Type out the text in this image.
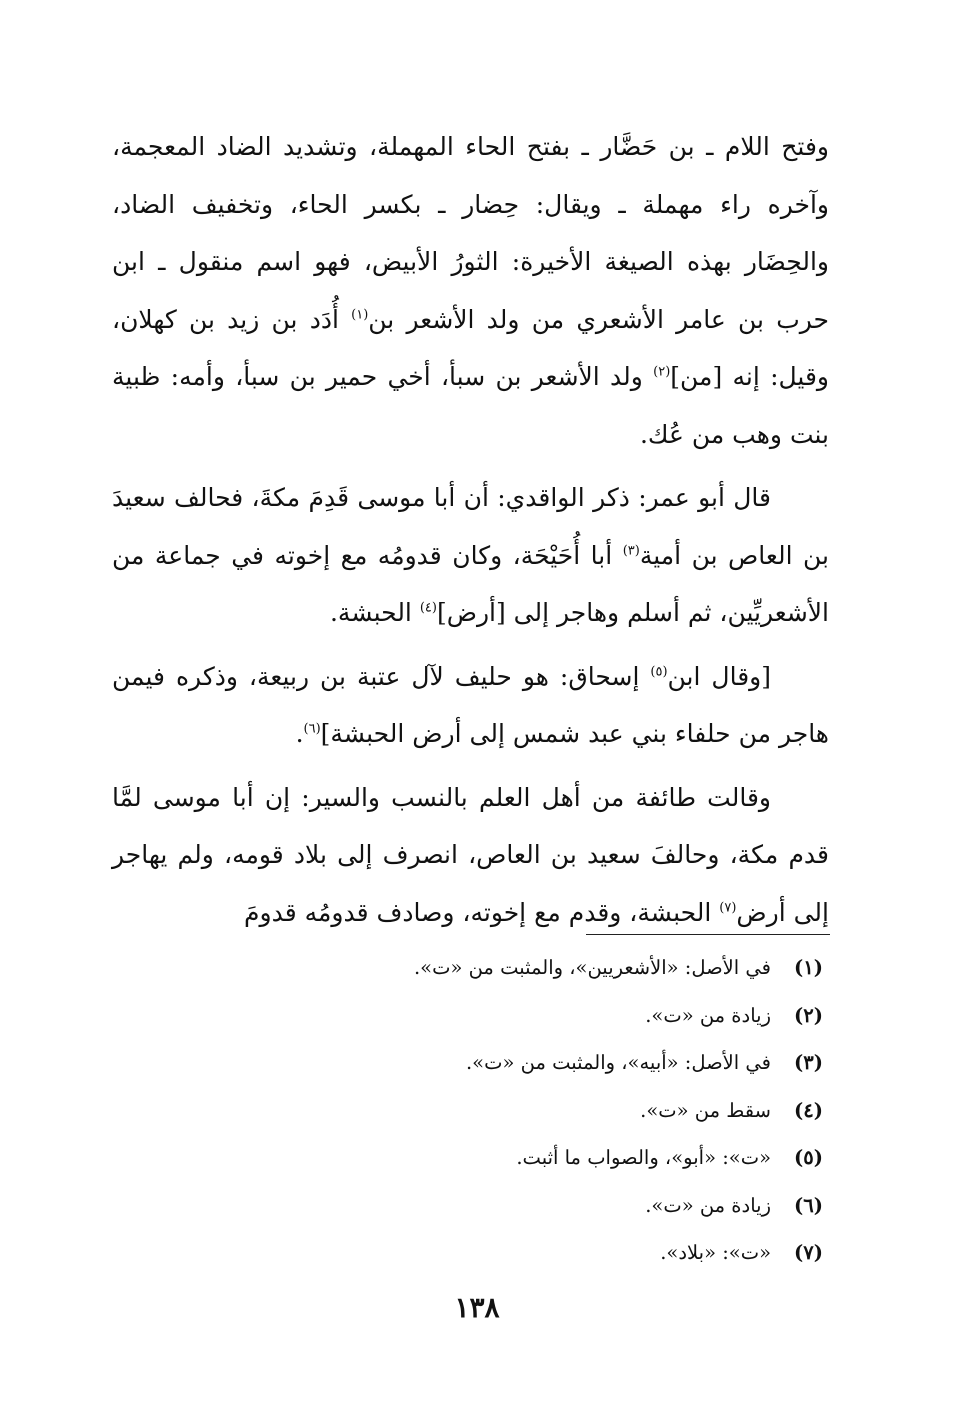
وفتح اللام ـ بن حَضَّار ـ بفتح الحاء المهملة، وتشديد الضاد المعجمة، وآخره راء مهملة ـ ويقال: حِضار ـ بكسر الحاء، وتخفيف الضاد، والحِضَار بهذه الصيغة الأخيرة: الثورُ الأبيض، فهو اسم منقول ـ ابن حرب بن عامر الأشعري من ولد الأشعر بن$^{(١)}$ أُدَد بن زيد بن كهلان، وقيل: إنه [من]$^{(٢)}$ ولد الأشعر بن سبأ، أخي حمير بن سبأ، وأمه: ظبية بنت وهب من عُك.

قال أبو عمر: ذكر الواقدي: أن أبا موسى قَدِمَ مكةَ، فحالف سعيدَ بن العاص بن أمية$^{(٣)}$ أبا أُحَيْحَة، وكان قدومُه مع إخوته في جماعة من الأشعريِّين، ثم أسلم وهاجر إلى [أرض]$^{(٤)}$ الحبشة.

[وقال ابن$^{(٥)}$ إسحاق: هو حليف لآل عتبة بن ربيعة، وذكره فيمن هاجر من حلفاء بني عبد شمس إلى أرض الحبشة]$^{(٦)}$.

وقالت طائفة من أهل العلم بالنسب والسير: إن أبا موسى لمَّا قدم مكة، وحالفَ سعيد بن العاص، انصرف إلى بلاد قومه، ولم يهاجر إلى أرض$^{(٧)}$ الحبشة، وقدم مع إخوته، وصادف قدومُه قدومَ

(١)في الأصل: «الأشعريين»، والمثبت من «ت».
(٢)زيادة من «ت».
(٣)في الأصل: «أبيه»، والمثبت من «ت».
(٤)سقط من «ت».
(٥)«ت»: «أبو»، والصواب ما أثبت.
(٦)زيادة من «ت».
(٧)«ت»: «بلاد».
١٣٨
